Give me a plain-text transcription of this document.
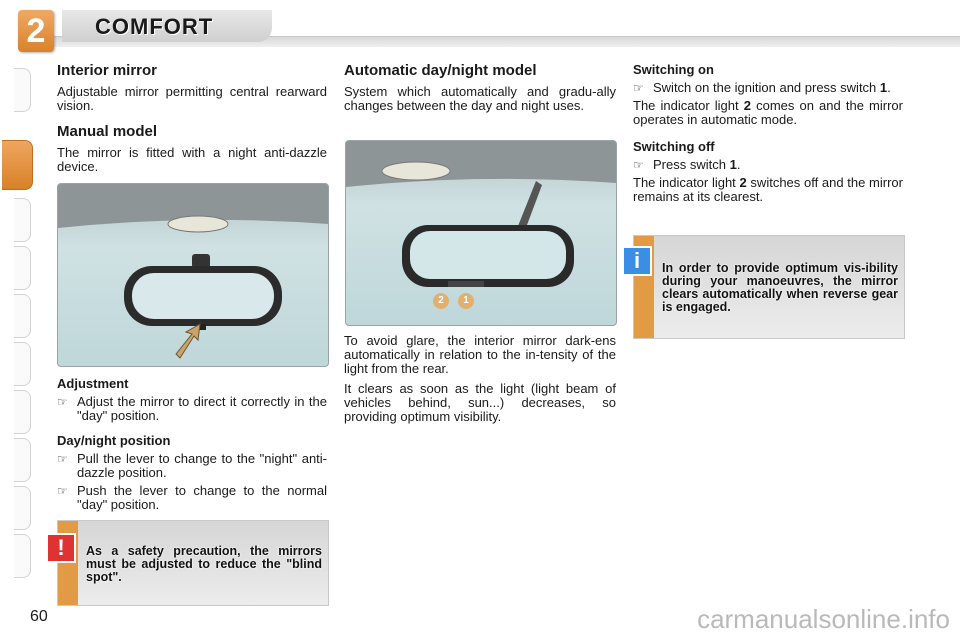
2	COMFORT
Interior mirror

Adjustable mirror permitting central rearward vision.

Manual model

The mirror is fitted with a night anti-dazzle device.

Adjustment
☞ Adjust the mirror to direct it correctly in the "day" position.
Day/night position
☞ Pull the lever to change to the "night" anti-dazzle position.
☞ Push the lever to change to the normal "day" position.
!	As a safety precaution, the mirrors must be adjusted to reduce the "blind spot".
Automatic day/night model

System which automatically and gradu-ally changes between the day and night uses.

2	1

To avoid glare, the interior mirror dark-ens automatically in relation to the in-tensity of the light from the rear.

It clears as soon as the light (light beam of vehicles behind, sun...) decreases, so providing optimum visibility.

Switching on
☞ Switch on the ignition and press switch 1.

The indicator light 2 comes on and the mirror operates in automatic mode.

Switching off
☞ Press switch 1.

The indicator light 2 switches off and the mirror remains at its clearest.

i	In order to provide optimum vis-ibility during your manoeuvres, the mirror clears automatically when reverse gear is engaged.
60	carmanualsonline.info
